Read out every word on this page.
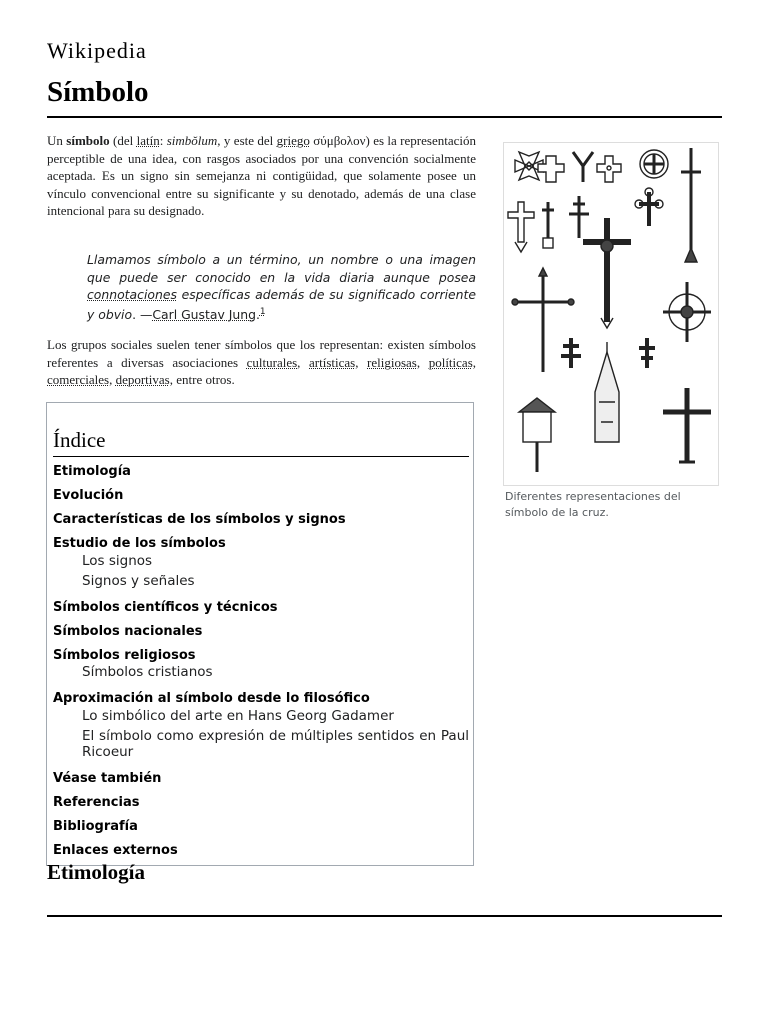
Wikipedia
Símbolo

Un símbolo (del latín: simbŏlum, y este del griego σύμβολον) es la representación perceptible de una idea, con rasgos asociados por una convención socialmente aceptada. Es un signo sin semejanza ni contigüidad, que solamente posee un vínculo convencional entre su significante y su denotado, además de una clase intencional para su designado.

Llamamos símbolo a un término, un nombre o una imagen que puede ser conocido en la vida diaria aunque posea connotaciones específicas además de su significado corriente y obvio. —Carl Gustav Jung.$^1$

Los grupos sociales suelen tener símbolos que los representan: existen símbolos referentes a diversas asociaciones culturales, artísticas, religiosas, políticas, comerciales, deportivas, entre otros.

Índice
Etimología
Evolución
Características de los símbolos y signos
Estudio de los símbolos
Los signos
Signos y señales
Símbolos científicos y técnicos
Símbolos nacionales
Símbolos religiosos
Símbolos cristianos
Aproximación al símbolo desde lo filosófico
Lo simbólico del arte en Hans Georg Gadamer
El símbolo como expresión de múltiples sentidos en Paul Ricoeur
Véase también
Referencias
Bibliografía
Enlaces externos

Diferentes representaciones del símbolo de la cruz.

Etimología
